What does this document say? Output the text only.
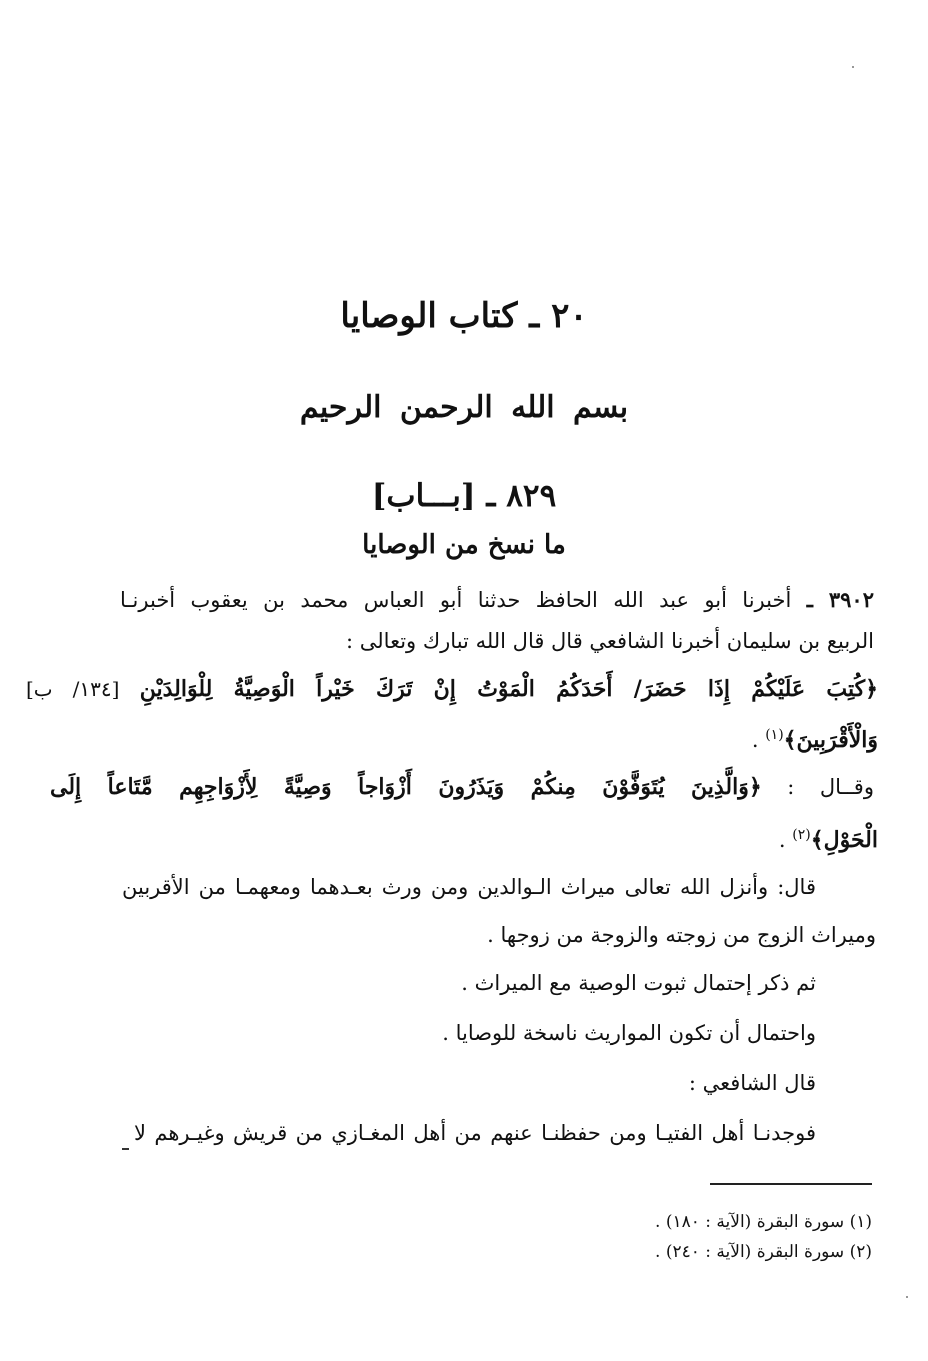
٢٠ ـ كتاب الوصايا
بسم الله الرحمن الرحيم
٨٢٩ ـ [بـــاب]
ما نسخ من الوصايا
٣٩٠٢ ـ أخبرنا أبو عبد الله الحافظ حدثنا أبو العباس محمد بن يعقوب أخبرنـا
الربيع بن سليمان أخبرنا الشافعي قال قال الله تبارك وتعالى :
﴿كُتِبَ عَلَيْكُمْ إِذَا حَضَرَ/ أَحَدَكُمُ الْمَوْتُ إِنْ تَرَكَ خَيْراً الْوَصِيَّةُ لِلْوَالِدَيْنِ [١٣٤/ ب]
وَالْأَقْرَبِينَ﴾$^{(١)}$ .
وقــال : ﴿وَالَّذِينَ يُتَوَفَّوْنَ مِنكُمْ وَيَذَرُونَ أَزْوَاجاً وَصِيَّةً لِأَزْوَاجِهِم مَّتَاعاً إِلَى
الْحَوْلِ﴾$^{(٢)}$ .
قال: وأنزل الله تعالى ميراث الـوالدين ومن ورث بعـدهما ومعهمـا من الأقربين
وميراث الزوج من زوجته والزوجة من زوجها .
ثم ذكر إحتمال ثبوت الوصية مع الميراث .
واحتمال أن تكون المواريث ناسخة للوصايا .
قال الشافعي :
فوجدنـا أهل الفتيـا ومن حفظنـا عنهم من أهل المغـازي من قريش وغيـرهم لا
(١) سورة البقرة (الآية : ١٨٠) .
(٢) سورة البقرة (الآية : ٢٤٠) .
